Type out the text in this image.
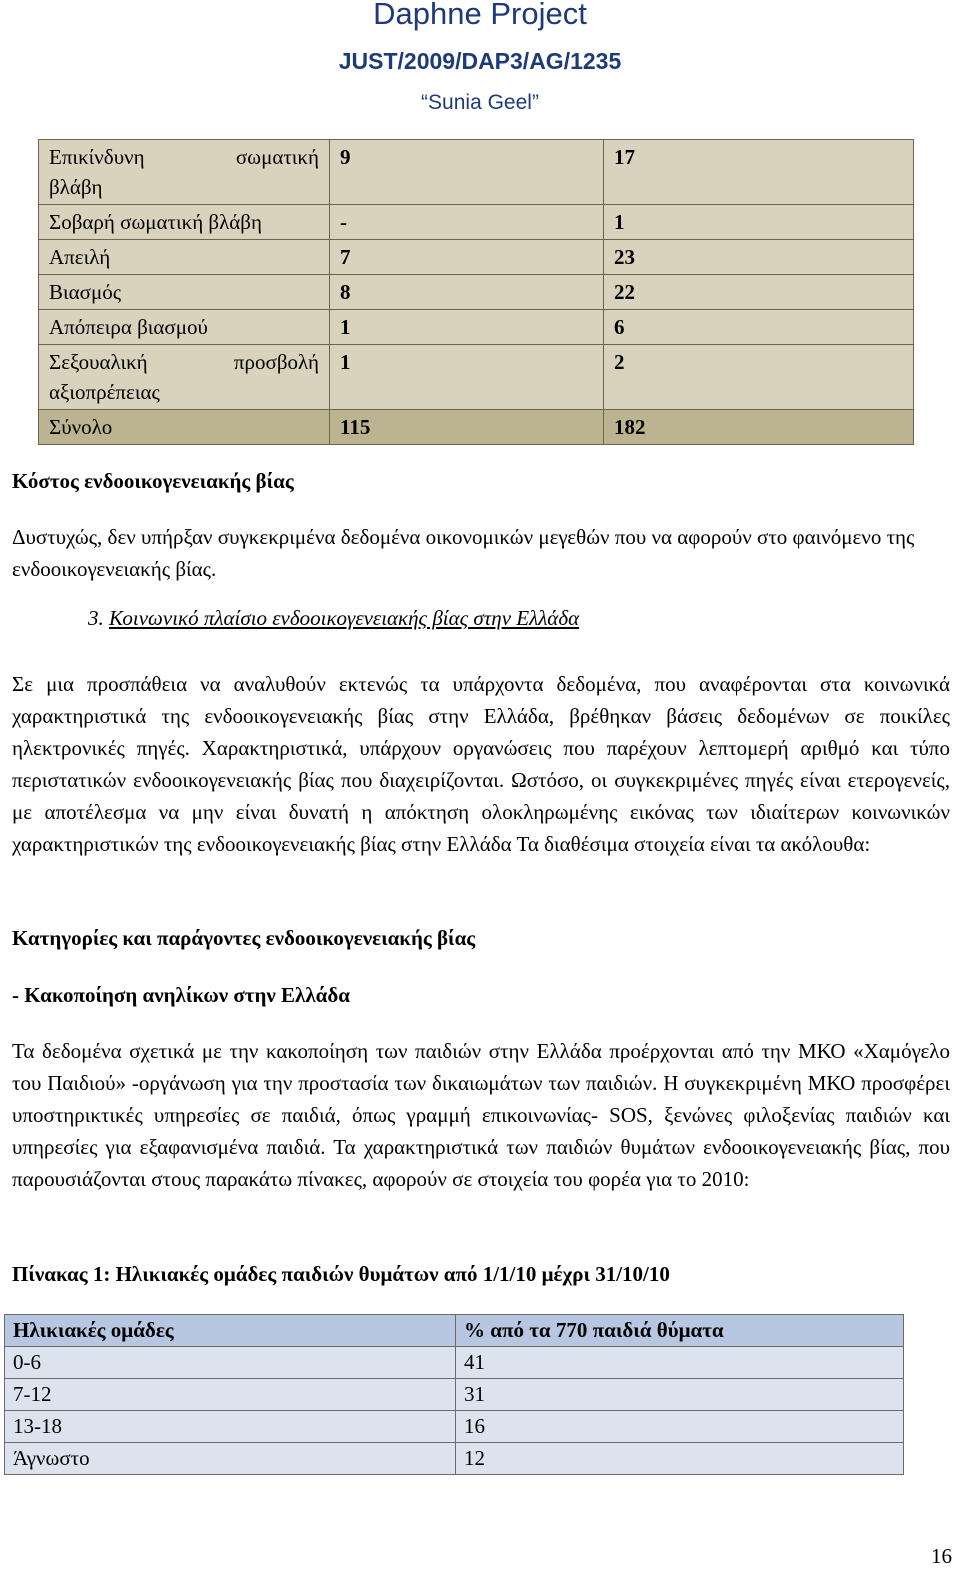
Daphne Project
JUST/2009/DAP3/AG/1235
“Sunia Geel”
Επικίνδυνη σωματική
βλάβη	9	17
Σοβαρή σωματική βλάβη	-	1
Απειλή	7	23
Βιασμός	8	22
Απόπειρα βιασμού	1	6

Σεξουαλική προσβολή
αξιοπρέπειας	1	2
Σύνολο	115	182
Κόστος ενδοοικογενειακής βίας
Δυστυχώς, δεν υπήρξαν συγκεκριμένα δεδομένα οικονομικών μεγεθών που να αφορούν στο φαινόμενο της ενδοοικογενειακής βίας.
3. Κοινωνικό πλαίσιο ενδοοικογενειακής βίας στην Ελλάδα
Σε μια προσπάθεια να αναλυθούν εκτενώς τα υπάρχοντα δεδομένα, που αναφέρονται στα κοινωνικά χαρακτηριστικά της ενδοοικογενειακής βίας στην Ελλάδα, βρέθηκαν βάσεις δεδομένων σε ποικίλες ηλεκτρονικές πηγές. Χαρακτηριστικά, υπάρχουν οργανώσεις που παρέχουν λεπτομερή αριθμό και τύπο περιστατικών ενδοοικογενειακής βίας που διαχειρίζονται. Ωστόσο, οι συγκεκριμένες πηγές είναι ετερογενείς, με αποτέλεσμα να μην είναι δυνατή η απόκτηση ολοκληρωμένης εικόνας των ιδιαίτερων κοινωνικών χαρακτηριστικών της ενδοοικογενειακής βίας στην Ελλάδα Τα διαθέσιμα στοιχεία είναι τα ακόλουθα:
Κατηγορίες και παράγοντες ενδοοικογενειακής βίας
- Κακοποίηση ανηλίκων στην Ελλάδα
Τα δεδομένα σχετικά με την κακοποίηση των παιδιών στην Ελλάδα προέρχονται από την ΜΚΟ «Χαμόγελο του Παιδιού» -οργάνωση για την προστασία των δικαιωμάτων των παιδιών. Η συγκεκριμένη ΜΚΟ προσφέρει υποστηρικτικές υπηρεσίες σε παιδιά, όπως γραμμή επικοινωνίας- SOS, ξενώνες φιλοξενίας παιδιών και υπηρεσίες για εξαφανισμένα παιδιά. Τα χαρακτηριστικά των παιδιών θυμάτων ενδοοικογενειακής βίας, που παρουσιάζονται στους παρακάτω πίνακες, αφορούν σε στοιχεία του φορέα για το 2010:
Πίνακας 1: Ηλικιακές ομάδες παιδιών θυμάτων από 1/1/10 μέχρι 31/10/10
Ηλικιακές ομάδες	% από τα 770 παιδιά θύματα
0-6	41
7-12	31
13-18	16
Άγνωστο	12
16
